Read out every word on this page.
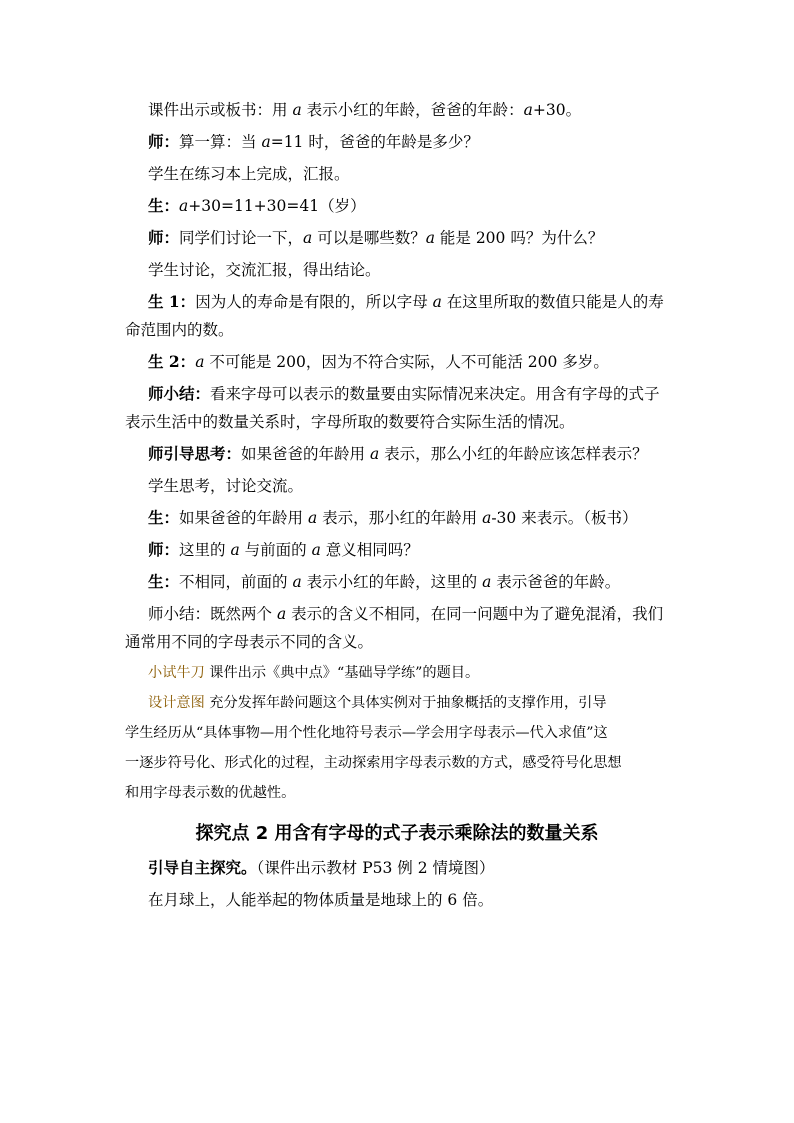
课件出示或板书：用 a 表示小红的年龄，爸爸的年龄：a+30。
师：算一算：当 a=11 时，爸爸的年龄是多少？
学生在练习本上完成，汇报。
生：a+30=11+30=41（岁）
师：同学们讨论一下，a 可以是哪些数？a 能是 200 吗？为什么？
学生讨论，交流汇报，得出结论。
生 1：因为人的寿命是有限的，所以字母 a 在这里所取的数值只能是人的寿
命范围内的数。
生 2：a 不可能是 200，因为不符合实际，人不可能活 200 多岁。
师小结：看来字母可以表示的数量要由实际情况来决定。用含有字母的式子
表示生活中的数量关系时，字母所取的数要符合实际生活的情况。
师引导思考：如果爸爸的年龄用 a 表示，那么小红的年龄应该怎样表示？
学生思考，讨论交流。
生：如果爸爸的年龄用 a 表示，那小红的年龄用 a-30 来表示。（板书）
师：这里的 a 与前面的 a 意义相同吗？
生：不相同，前面的 a 表示小红的年龄，这里的 a 表示爸爸的年龄。
师小结：既然两个 a 表示的含义不相同，在同一问题中为了避免混淆，我们
通常用不同的字母表示不同的含义。
小试牛刀 课件出示《典中点》“基础导学练”的题目。
设计意图 充分发挥年龄问题这个具体实例对于抽象概括的支撑作用，引导
学生经历从“具体事物—用个性化地符号表示—学会用字母表示—代入求值”这
一逐步符号化、形式化的过程，主动探索用字母表示数的方式，感受符号化思想
和用字母表示数的优越性。
探究点 2 用含有字母的式子表示乘除法的数量关系
引导自主探究。（课件出示教材 P53 例 2 情境图）
在月球上，人能举起的物体质量是地球上的 6 倍。
